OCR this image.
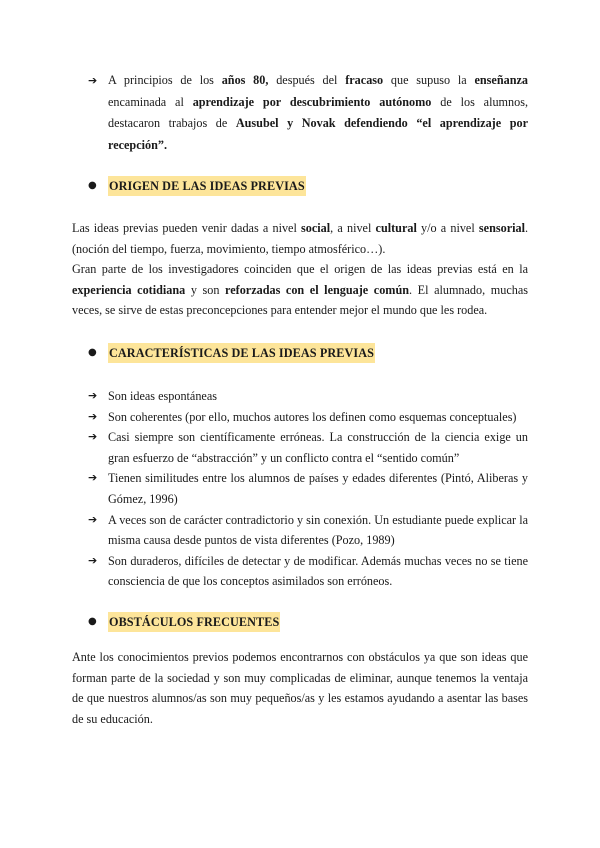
➔ A principios de los años 80, después del fracaso que supuso la enseñanza encaminada al aprendizaje por descubrimiento autónomo de los alumnos, destacaron trabajos de Ausubel y Novak defendiendo “el aprendizaje por recepción”.
● ORIGEN DE LAS IDEAS PREVIAS

Las ideas previas pueden venir dadas a nivel social, a nivel cultural y/o a nivel sensorial. (noción del tiempo, fuerza, movimiento, tiempo atmosférico…).

Gran parte de los investigadores coinciden que el origen de las ideas previas está en la experiencia cotidiana y son reforzadas con el lenguaje común. El alumnado, muchas veces, se sirve de estas preconcepciones para entender mejor el mundo que les rodea.

● CARACTERÍSTICAS DE LAS IDEAS PREVIAS
➔ Son ideas espontáneas
➔ Son coherentes (por ello, muchos autores los definen como esquemas conceptuales)
➔ Casi siempre son científicamente erróneas. La construcción de la ciencia exige un gran esfuerzo de “abstracción” y un conflicto contra el “sentido común”
➔ Tienen similitudes entre los alumnos de países y edades diferentes (Pintó, Aliberas y Gómez, 1996)
➔ A veces son de carácter contradictorio y sin conexión. Un estudiante puede explicar la misma causa desde puntos de vista diferentes (Pozo, 1989)
➔ Son duraderos, difíciles de detectar y de modificar. Además muchas veces no se tiene consciencia de que los conceptos asimilados son erróneos.
● OBSTÁCULOS FRECUENTES

Ante los conocimientos previos podemos encontrarnos con obstáculos ya que son ideas que forman parte de la sociedad y son muy complicadas de eliminar, aunque tenemos la ventaja de que nuestros alumnos/as son muy pequeños/as y les estamos ayudando a asentar las bases de su educación.
